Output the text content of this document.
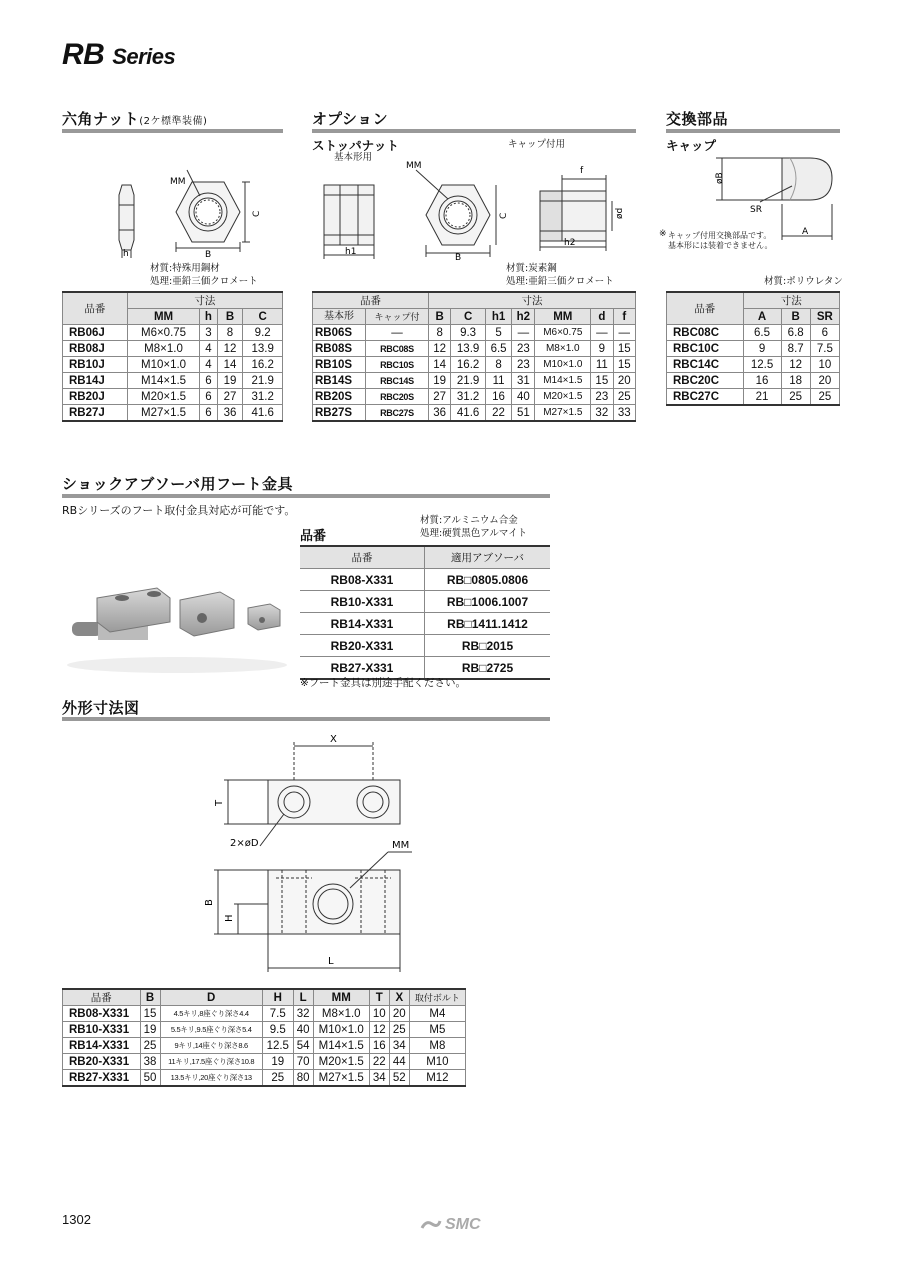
RB Series
六角ナット(2ケ標準装備)
MM
C
h	B
材質:特殊用鋼材
処理:亜鉛三価クロメート
品番	寸法			
	MM	h	B	C
RB06J	M6×0.75	3	8	9.2
RB08J	M8×1.0	4	12	13.9
RB10J	M10×1.0	4	14	16.2
RB14J	M14×1.5	6	19	21.9
RB20J	M20×1.5	6	27	31.2
RB27J	M27×1.5	6	36	41.6
オプション
ストッパナット
基本形用
キャップ付用
MM
C
h1
B
f
ød
h2
材質:炭素鋼
処理:亜鉛三価クロメート
品番		寸法						
基本形	キャップ付	B	C	h1	h2	MM	d	f
RB06S	—	8	9.3	5	—	M6×0.75	—	—
RB08S	RBC08S	12	13.9	6.5	23	M8×1.0	9	15
RB10S	RBC10S	14	16.2	8	23	M10×1.0	11	15
RB14S	RBC14S	19	21.9	11	31	M14×1.5	15	20
RB20S	RBC20S	27	31.2	16	40	M20×1.5	23	25
RB27S	RBC27S	36	41.6	22	51	M27×1.5	32	33
交換部品
キャップ
øB
SR
A
※ キャップ付用交換部品です。
基本形には装着できません。
材質:ポリウレタン
品番	寸法		
	A	B	SR
RBC08C	6.5	6.8	6
RBC10C	9	8.7	7.5
RBC14C	12.5	12	10
RBC20C	16	18	20
RBC27C	21	25	25
ショックアブソーバ用フート金具
RBシリーズのフート取付金具対応が可能です。
品番
材質:アルミニウム合金
処理:硬質黒色アルマイト
品番	適用アブソーバ
RB08-X331	RB□0805.0806
RB10-X331	RB□1006.1007
RB14-X331	RB□1411.1412
RB20-X331	RB□2015
RB27-X331	RB□2725
※フート金具は別途手配ください。
外形寸法図
X
T
2×øD	MM
B
H
L
品番	B	D	H	L	MM	T	X	取付ボルト
RB08-X331	15	4.5キリ,8座ぐり深さ4.4	7.5	32	M8×1.0	10	20	M4
RB10-X331	19	5.5キリ,9.5座ぐり深さ5.4	9.5	40	M10×1.0	12	25	M5
RB14-X331	25	9キリ,14座ぐり深さ8.6	12.5	54	M14×1.5	16	34	M8
RB20-X331	38	11キリ,17.5座ぐり深さ10.8	19	70	M20×1.5	22	44	M10
RB27-X331	50	13.5キリ,20座ぐり深さ13	25	80	M27×1.5	34	52	M12
1302	SMC
